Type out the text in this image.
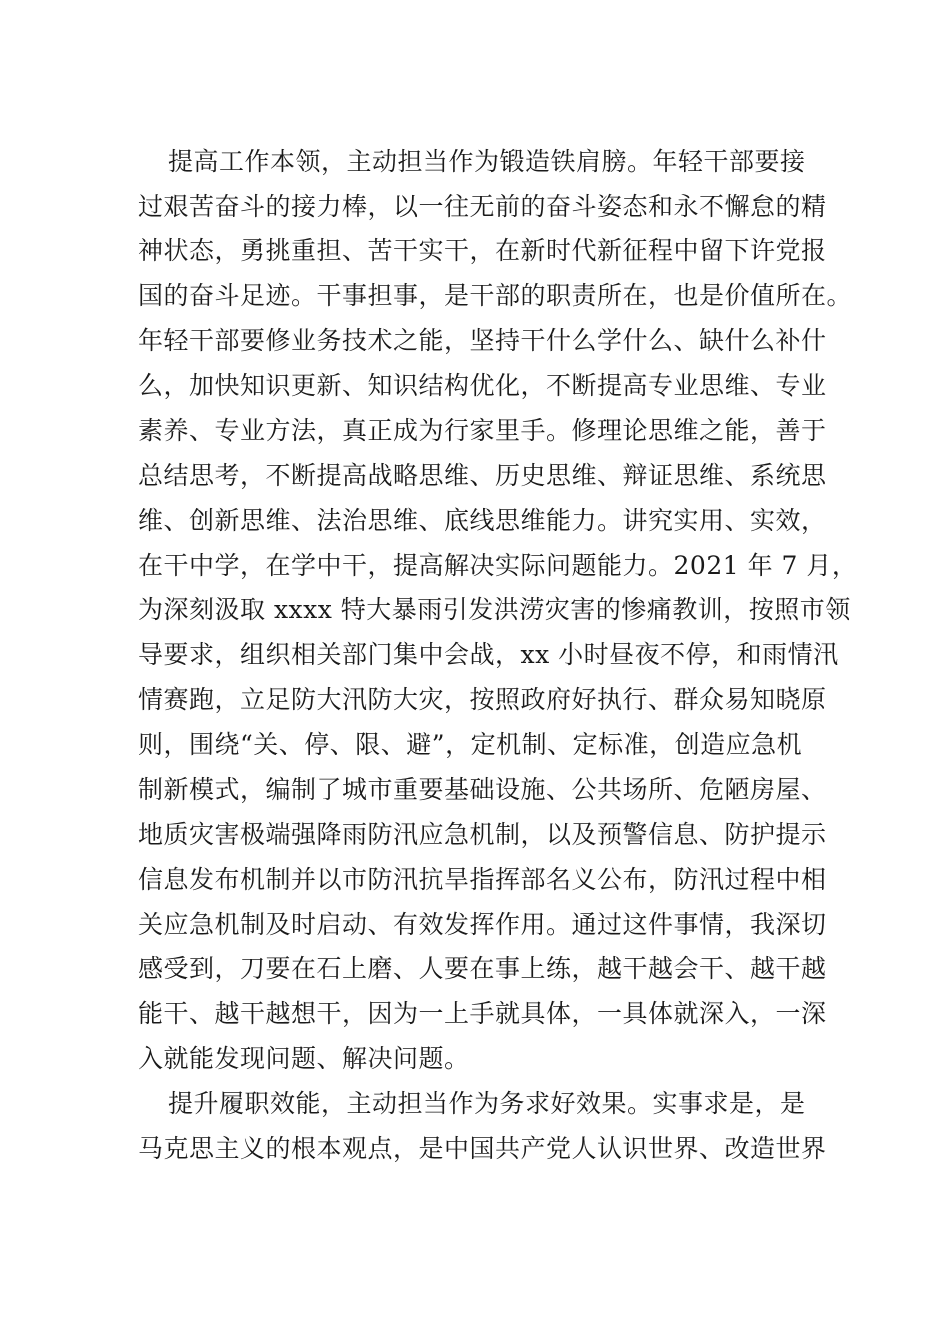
提高工作本领，主动担当作为锻造铁肩膀。年轻干部要接
过艰苦奋斗的接力棒，以一往无前的奋斗姿态和永不懈怠的精
神状态，勇挑重担、苦干实干，在新时代新征程中留下许党报
国的奋斗足迹。干事担事，是干部的职责所在，也是价值所在。
年轻干部要修业务技术之能，坚持干什么学什么、缺什么补什
么，加快知识更新、知识结构优化，不断提高专业思维、专业
素养、专业方法，真正成为行家里手。修理论思维之能，善于
总结思考，不断提高战略思维、历史思维、辩证思维、系统思
维、创新思维、法治思维、底线思维能力。讲究实用、实效，
在干中学，在学中干，提高解决实际问题能力。2021 年 7 月，
为深刻汲取 xxxx 特大暴雨引发洪涝灾害的惨痛教训，按照市领
导要求，组织相关部门集中会战，xx 小时昼夜不停，和雨情汛
情赛跑，立足防大汛防大灾，按照政府好执行、群众易知晓原
则，围绕“关、停、限、避”，定机制、定标准，创造应急机
制新模式，编制了城市重要基础设施、公共场所、危陋房屋、
地质灾害极端强降雨防汛应急机制，以及预警信息、防护提示
信息发布机制并以市防汛抗旱指挥部名义公布，防汛过程中相
关应急机制及时启动、有效发挥作用。通过这件事情，我深切
感受到，刀要在石上磨、人要在事上练，越干越会干、越干越
能干、越干越想干，因为一上手就具体，一具体就深入，一深
入就能发现问题、解决问题。
提升履职效能，主动担当作为务求好效果。实事求是，是
马克思主义的根本观点，是中国共产党人认识世界、改造世界
